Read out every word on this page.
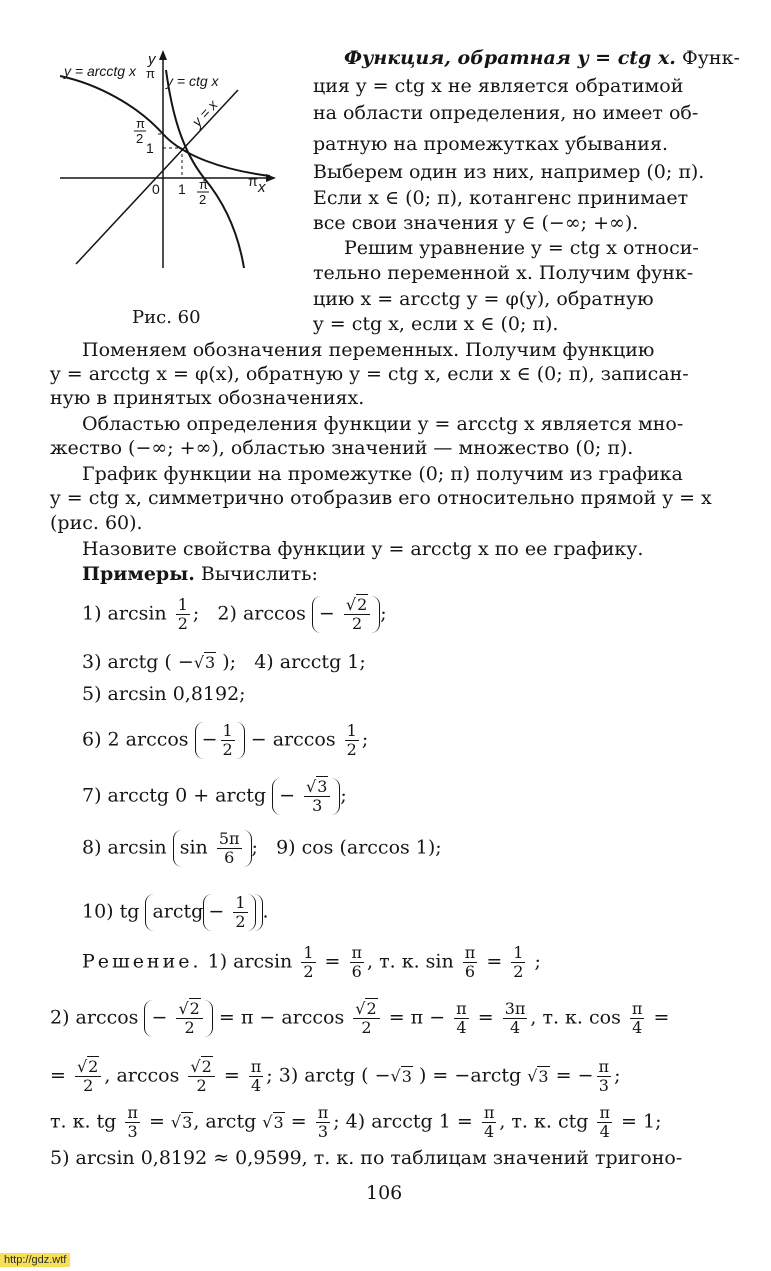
y = arcctg x
y
π y = ctg x
y = x
π
2
1
0 1 π
2
π x
Рис. 60
Функция, обратная y = ctg x. Функ-
ция y = ctg x не является обратимой
на области определения, но имеет об-
ратную на промежутках убывания.
Выберем один из них, например (0; π).
Если x ∈ (0; π), котангенс принимает
все свои значения y ∈ (−∞; +∞).
Решим уравнение y = ctg x относи-
тельно переменной x. Получим функ-
цию x = arcctg y = φ(y), обратную
y = ctg x, если x ∈ (0; π).
Поменяем обозначения переменных. Получим функцию
y = arcctg x = φ(x), обратную y = ctg x, если x ∈ (0; π), записан-
ную в принятых обозначениях.
Областью определения функции y = arcctg x является мно-
жество (−∞; +∞), областью значений — множество (0; π).
График функции на промежутке (0; π) получим из графика
y = ctg x, симметрично отобразив его относительно прямой y = x
(рис. 60).
Назовите свойства функции y = arcctg x по ее графику.
Примеры. Вычислить:
1) $\arcsin \frac{1}{2}$ ; 2) $\arccos - \frac{√2}{2}$ ;
3) arctg ( −√3 ); 4) arcctg 1;
5) arcsin 0,8192;
6) 2 $\arccos - \frac{1}{2} - \arccos \frac{1}{2}$ ;
7) arcctg 0 + arctg − $\frac{√3}{3}$ ;
8) $\arcsin \sin \frac{5\pi}{6}$ ; 9) cos (arccos 1);
10) tg arctg − $\frac{1}{2}$ .
Решение. 1) $\arcsin \frac{1}{2} = \frac{\pi}{6}$ , т. к. $\sin \frac{\pi}{6} = \frac{1}{2}$ ;
2) $\arccos - \frac{√2}{2} = \pi - \arccos \frac{√2}{2} = \pi - \frac{\pi}{4} = \frac{3\pi}{4}$ , т. к. $\cos \frac{\pi}{4}$ =
= $\frac{√2}{2}$ , $\arccos \frac{√2}{2} = \frac{\pi}{4}$ ; 3) arctg ( −√3 ) = −arctg √3 = − $\frac{\pi}{3}$ ;
т. к. tg $\frac{\pi}{3} = √3$, arctg $√3 = \frac{\pi}{3}$ ; 4) arcctg $1 = \frac{\pi}{4}$ , т. к. ctg $\frac{\pi}{4} = 1$;
5) arcsin 0,8192 ≈ 0,9599, т. к. по таблицам значений тригоно-
106
http://gdz.wtf
